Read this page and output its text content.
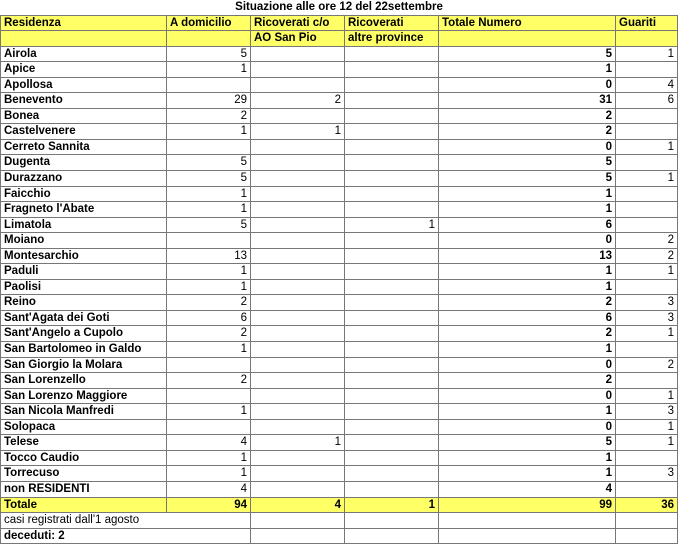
Situazione alle ore 12 del 22settembre					
Residenza	A domicilio	Ricoverati c/o	Ricoverati	Totale Numero	Guariti
		AO San Pio	altre province		
Airola	5			5	1
Apice	1			1	
Apollosa				0	4
Benevento	29	2		31	6
Bonea	2			2	
Castelvenere	1	1		2	
Cerreto Sannita				0	1
Dugenta	5			5	
Durazzano	5			5	1
Faicchio	1			1	
Fragneto l'Abate	1			1	
Limatola	5		1	6	
Moiano				0	2
Montesarchio	13			13	2
Paduli	1			1	1
Paolisi	1			1	
Reino	2			2	3
Sant'Agata dei Goti	6			6	3
Sant'Angelo a Cupolo	2			2	1
San Bartolomeo in Galdo	1			1	
San Giorgio la Molara				0	2
San Lorenzello	2			2	
San Lorenzo Maggiore				0	1
San Nicola Manfredi	1			1	3
Solopaca				0	1
Telese	4	1		5	1
Tocco Caudio	1			1	
Torrecuso	1			1	3
non RESIDENTI	4			4	
Totale	94	4	1	99	36
casi registrati dall'1 agosto					
deceduti: 2					
